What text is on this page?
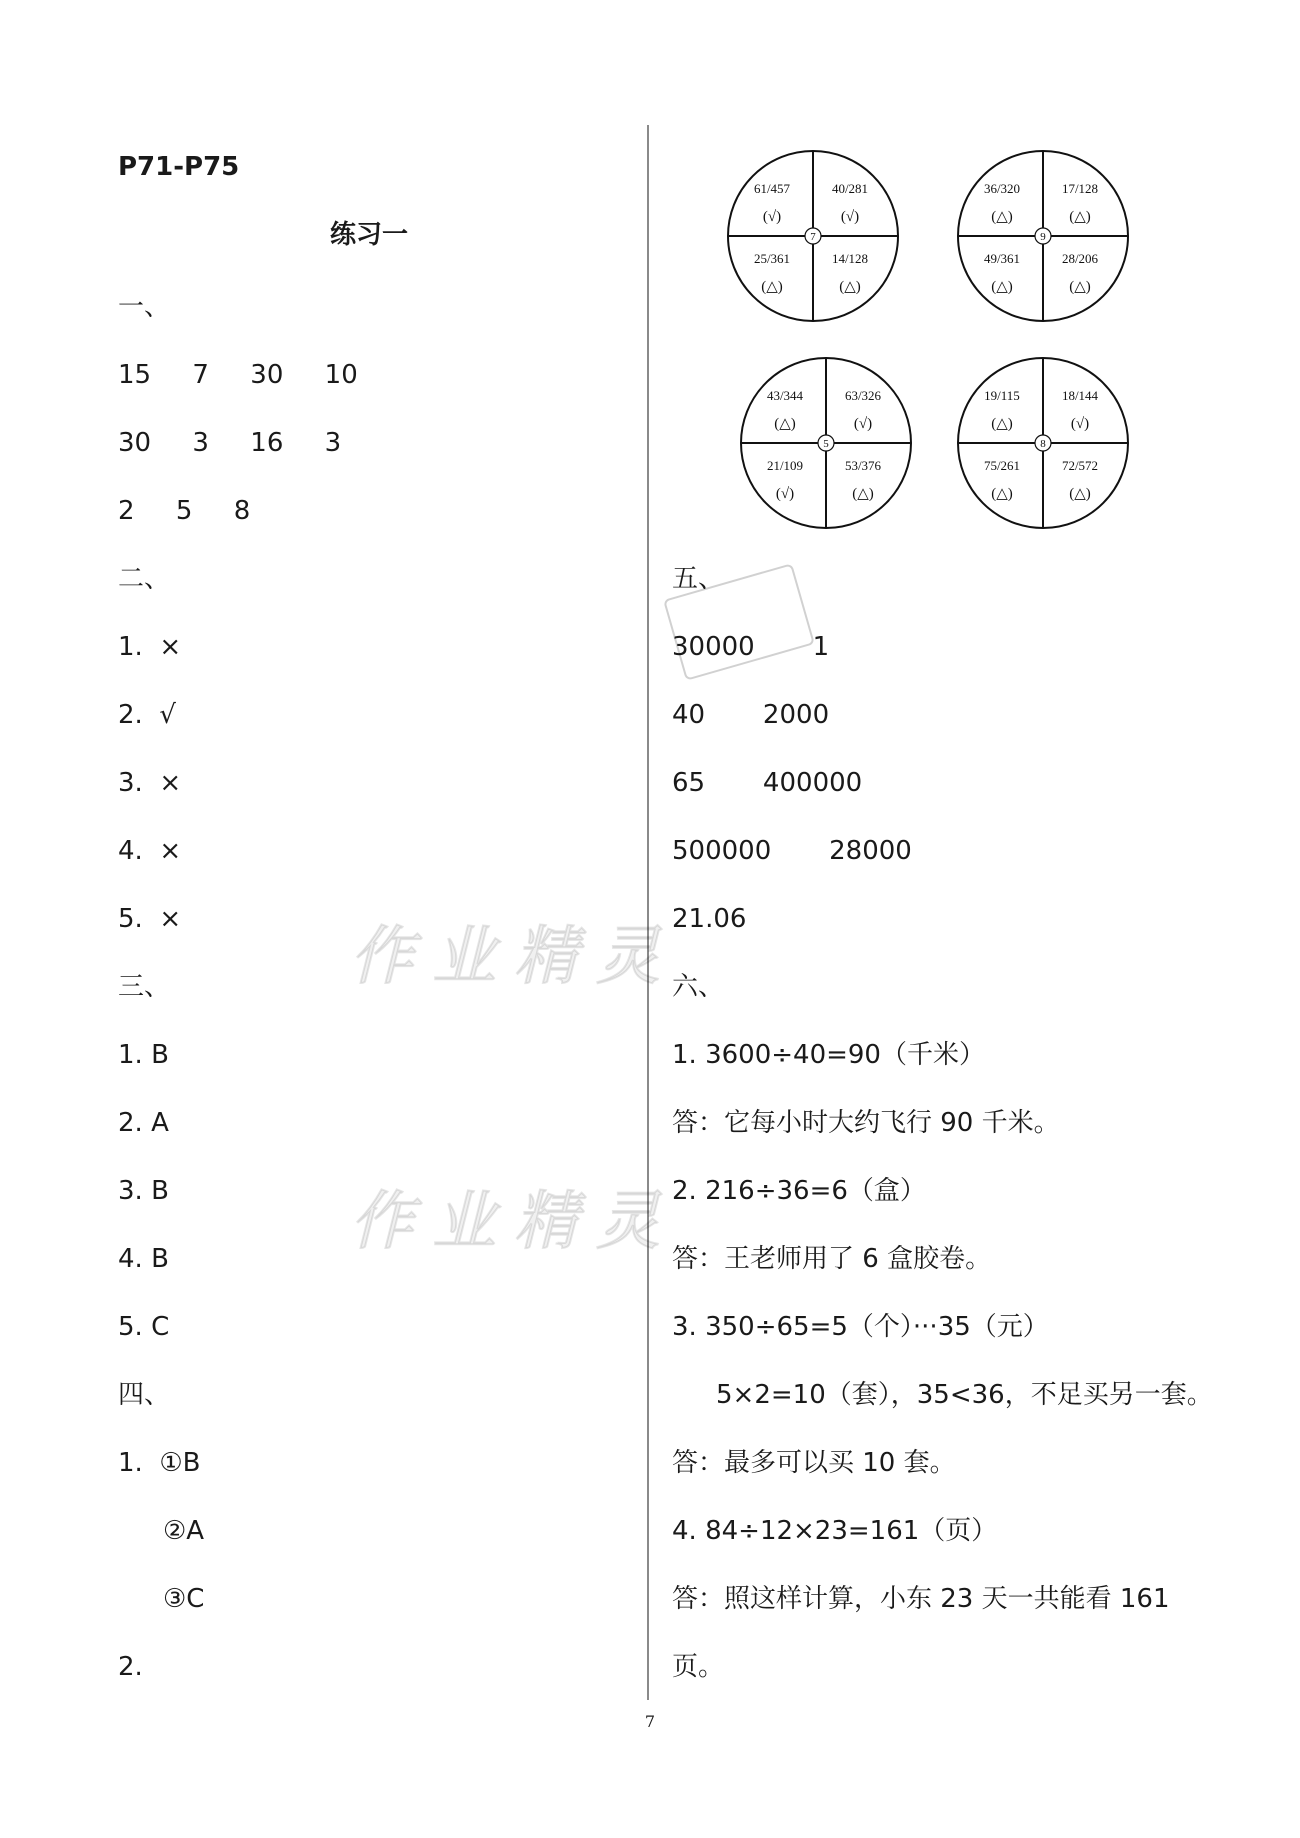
P71-P75
练习一
一、
15     7     30     10
30     3     16     3
2     5     8
二、
1.  ×
2.  √
3.  ×
4.  ×
5.  ×
三、
1. B
2. A
3. B
4. B
5. C
四、
1.  ①B
②A
③C
2.
五、
30000       1
40       2000
65       400000
500000       28000
21.06
六、
1. 3600÷40=90（千米）
答：它每小时大约飞行 90 千米。
2. 216÷36=6（盒）
答：王老师用了 6 盒胶卷。
3. 350÷65=5（个）···35（元）
5×2=10（套），35<36，不足买另一套。
答：最多可以买 10 套。
4. 84÷12×23=161（页）
答：照这样计算，小东 23 天一共能看 161
页。
7
61/457
(√)
40/281
(√)
25/361
(△)
14/128
(△)
9
36/320
(△)
17/128
(△)
49/361
(△)
28/206
(△)
5
43/344
(△)
63/326
(√)
21/109
(√)
53/376
(△)
8
19/115
(△)
18/144
(√)
75/261
(△)
72/572
(△)
作业精灵
作业精灵
7
